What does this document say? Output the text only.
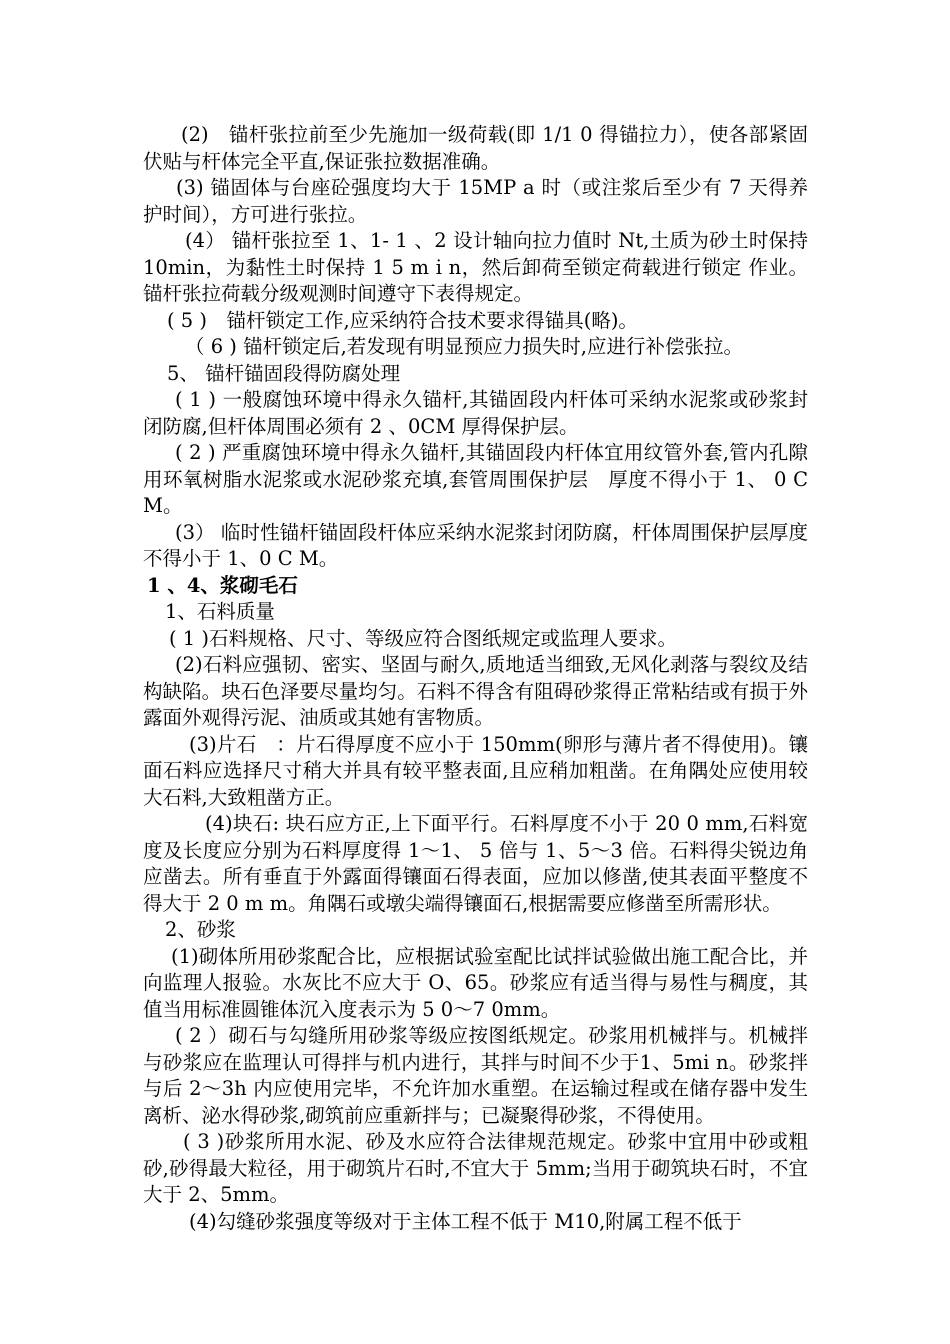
(2)　锚杆张拉前至少先施加一级荷载(即 1/1 0 得锚拉力），使各部紧固伏贴与杆体完全平直,保证张拉数据准确。

(3) 锚固体与台座砼强度均大于 15MP a 时（或注浆后至少有 7 天得养护时间），方可进行张拉。

(4） 锚杆张拉至 1、1- 1 、2 设计轴向拉力值时 Nt,土质为砂土时保持 10min，为黏性土时保持 1 5 m i n，然后卸荷至锁定荷载进行锁定 作业。锚杆张拉荷载分级观测时间遵守下表得规定。

( 5 )　锚杆锁定工作,应采纳符合技术要求得锚具(略)。

（ 6 ) 锚杆锁定后,若发现有明显预应力损失时,应进行补偿张拉。

5、 锚杆锚固段得防腐处理

( 1 ) 一般腐蚀环境中得永久锚杆,其锚固段内杆体可采纳水泥浆或砂浆封闭防腐,但杆体周围必须有 2 、0CM 厚得保护层。

( 2 ) 严重腐蚀环境中得永久锚杆,其锚固段内杆体宜用纹管外套,管内孔隙用环氧树脂水泥浆或水泥砂浆充填,套管周围保护层　厚度不得小于 1、 0 CM。

(3） 临时性锚杆锚固段杆体应采纳水泥浆封闭防腐，杆体周围保护层厚度不得小于 1、0 C M。

1 、4、浆砌毛石

1、石料质量

( 1 )石料规格、尺寸、等级应符合图纸规定或监理人要求。

(2)石料应强韧、密实、坚固与耐久,质地适当细致,无风化剥落与裂纹及结构缺陷。块石色泽要尽量均匀。石料不得含有阻碍砂浆得正常粘结或有损于外露面外观得污泥、油质或其她有害物质。

(3)片石　：片石得厚度不应小于 150mm(卵形与薄片者不得使用)。镶面石料应选择尺寸稍大并具有较平整表面,且应稍加粗凿。在角隅处应使用较大石料,大致粗凿方正。

(4)块石: 块石应方正,上下面平行。石料厚度不小于 20 0 mm,石料宽度及长度应分别为石料厚度得 1～1、 5 倍与 1、5～3 倍。石料得尖锐边角应凿去。所有垂直于外露面得镶面石得表面，应加以修凿,使其表面平整度不得大于 2 0 m m。角隅石或墩尖端得镶面石,根据需要应修凿至所需形状。

2、砂浆

(1)砌体所用砂浆配合比，应根据试验室配比试拌试验做出施工配合比，并向监理人报验。水灰比不应大于 O、65。砂浆应有适当得与易性与稠度，其值当用标准圆锥体沉入度表示为 5 0～7 0mm。

( 2 ）砌石与勾缝所用砂浆等级应按图纸规定。砂浆用机械拌与。机械拌与砂浆应在监理认可得拌与机内进行，其拌与时间不少于1、5mi n。砂浆拌与后 2～3h 内应使用完毕，不允许加水重塑。在运输过程或在储存器中发生离析、泌水得砂浆,砌筑前应重新拌与；已凝聚得砂浆，不得使用。

( 3 )砂浆所用水泥、砂及水应符合法律规范规定。砂浆中宜用中砂或粗砂,砂得最大粒径，用于砌筑片石时,不宜大于 5mm;当用于砌筑块石时，不宜大于 2、5mm。

(4)勾缝砂浆强度等级对于主体工程不低于 M10,附属工程不低于
